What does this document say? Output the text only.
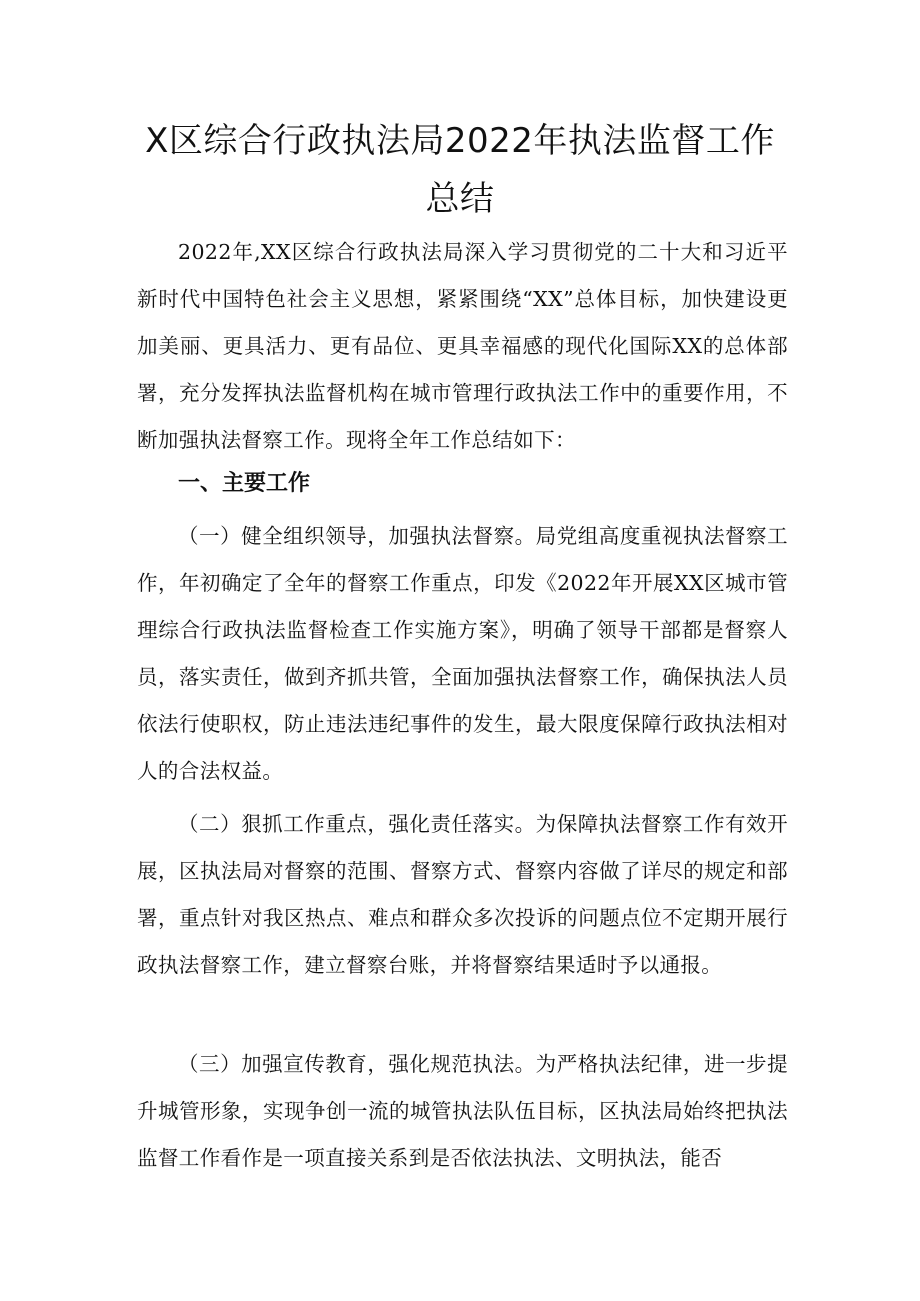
X区综合行政执法局2022年执法监督工作
总结

2022年,XX区综合行政执法局深入学习贯彻党的二十大和习近平新时代中国特色社会主义思想，紧紧围绕“XX”总体目标，加快建设更加美丽、更具活力、更有品位、更具幸福感的现代化国际XX的总体部署，充分发挥执法监督机构在城市管理行政执法工作中的重要作用，不断加强执法督察工作。现将全年工作总结如下：

一、主要工作

（一）健全组织领导，加强执法督察。局党组高度重视执法督察工作，年初确定了全年的督察工作重点，印发《2022年开展XX区城市管理综合行政执法监督检查工作实施方案》，明确了领导干部都是督察人员，落实责任，做到齐抓共管，全面加强执法督察工作，确保执法人员依法行使职权，防止违法违纪事件的发生，最大限度保障行政执法相对人的合法权益。

（二）狠抓工作重点，强化责任落实。为保障执法督察工作有效开展，区执法局对督察的范围、督察方式、督察内容做了详尽的规定和部署，重点针对我区热点、难点和群众多次投诉的问题点位不定期开展行政执法督察工作，建立督察台账，并将督察结果适时予以通报。

（三）加强宣传教育，强化规范执法。为严格执法纪律，进一步提升城管形象，实现争创一流的城管执法队伍目标，区执法局始终把执法监督工作看作是一项直接关系到是否依法执法、文明执法，能否
